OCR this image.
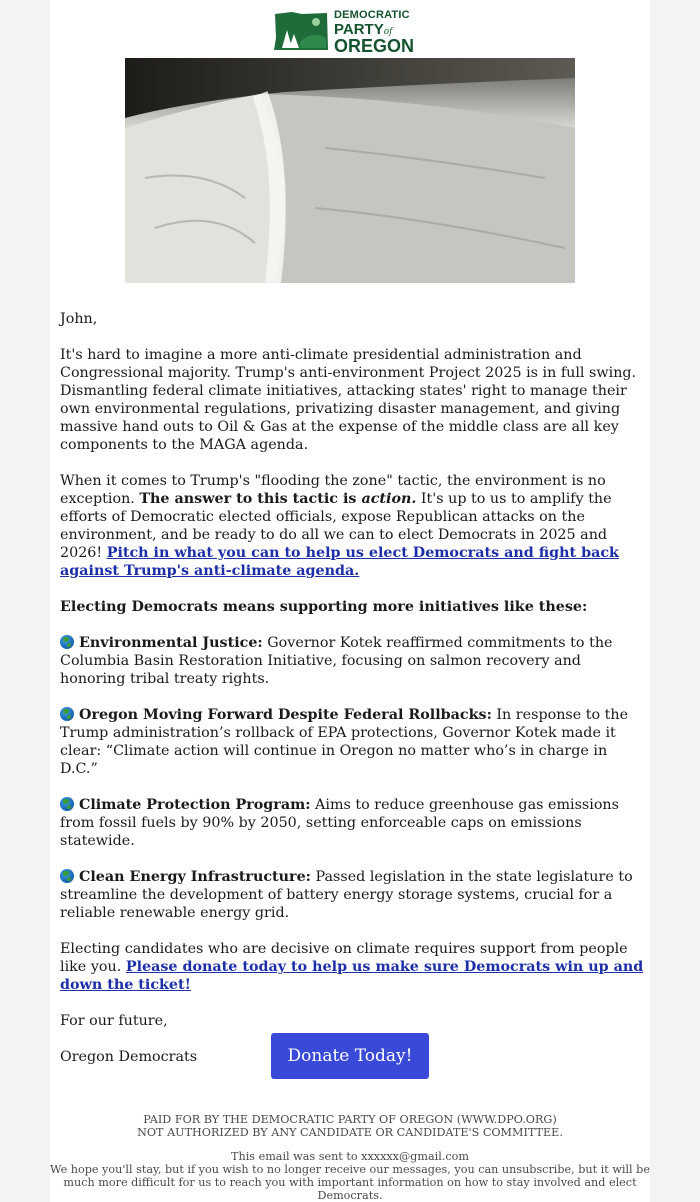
DEMOCRATIC
PARTYof
OREGON

John,

It's hard to imagine a more anti-climate presidential administration and Congressional majority. Trump's anti-environment Project 2025 is in full swing. Dismantling federal climate initiatives, attacking states' right to manage their own environmental regulations, privatizing disaster management, and giving massive hand outs to Oil & Gas at the expense of the middle class are all key components to the MAGA agenda.

When it comes to Trump's "flooding the zone" tactic, the environment is no exception. The answer to this tactic is action. It's up to us to amplify the efforts of Democratic elected officials, expose Republican attacks on the environment, and be ready to do all we can to elect Democrats in 2025 and 2026! Pitch in what you can to help us elect Democrats and fight back against Trump's anti-climate agenda.

Electing Democrats means supporting more initiatives like these:

Environmental Justice: Governor Kotek reaffirmed commitments to the Columbia Basin Restoration Initiative, focusing on salmon recovery and honoring tribal treaty rights.

Oregon Moving Forward Despite Federal Rollbacks: In response to the Trump administration’s rollback of EPA protections, Governor Kotek made it clear: “Climate action will continue in Oregon no matter who’s in charge in D.C.”

Climate Protection Program: Aims to reduce greenhouse gas emissions from fossil fuels by 90% by 2050, setting enforceable caps on emissions statewide.

Clean Energy Infrastructure: Passed legislation in the state legislature to streamline the development of battery energy storage systems, crucial for a reliable renewable energy grid.

Electing candidates who are decisive on climate requires support from people like you. Please donate today to help us make sure Democrats win up and down the ticket!

For our future,

Oregon Democrats	Donate Today!

PAID FOR BY THE DEMOCRATIC PARTY OF OREGON (WWW.DPO.ORG)
NOT AUTHORIZED BY ANY CANDIDATE OR CANDIDATE'S COMMITTEE.

This email was sent to xxxxxx@gmail.com

We hope you'll stay, but if you wish to no longer receive our messages, you can unsubscribe, but it will be much more difficult for us to reach you with important information on how to stay involved and elect Democrats.
